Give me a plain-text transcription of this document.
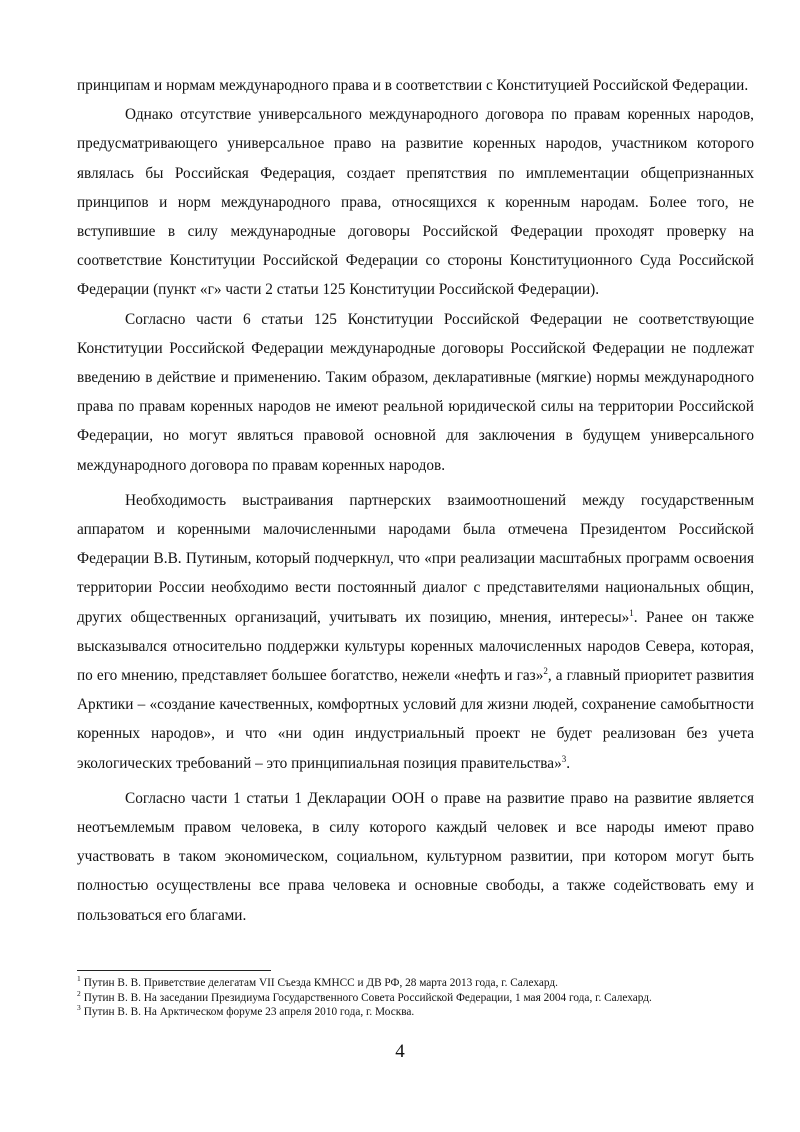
принципам и нормам международного права и в соответствии с Конституцией Российской Федерации.

Однако отсутствие универсального международного договора по правам коренных народов, предусматривающего универсальное право на развитие коренных народов, участником которого являлась бы Российская Федерация, создает препятствия по имплементации общепризнанных принципов и норм международного права, относящихся к коренным народам. Более того, не вступившие в силу международные договоры Российской Федерации проходят проверку на соответствие Конституции Российской Федерации со стороны Конституционного Суда Российской Федерации (пункт «г» части 2 статьи 125 Конституции Российской Федерации).

Согласно части 6 статьи 125 Конституции Российской Федерации не соответствующие Конституции Российской Федерации международные договоры Российской Федерации не подлежат введению в действие и применению. Таким образом, декларативные (мягкие) нормы международного права по правам коренных народов не имеют реальной юридической силы на территории Российской Федерации, но могут являться правовой основной для заключения в будущем универсального международного договора по правам коренных народов.

Необходимость выстраивания партнерских взаимоотношений между государственным аппаратом и коренными малочисленными народами была отмечена Президентом Российской Федерации В.В. Путиным, который подчеркнул, что «при реализации масштабных программ освоения территории России необходимо вести постоянный диалог с представителями национальных общин, других общественных организаций, учитывать их позицию, мнения, интересы»$^1$. Ранее он также высказывался относительно поддержки культуры коренных малочисленных народов Севера, которая, по его мнению, представляет большее богатство, нежели «нефть и газ»$^2$, а главный приоритет развития Арктики – «создание качественных, комфортных условий для жизни людей, сохранение самобытности коренных народов», и что «ни один индустриальный проект не будет реализован без учета экологических требований – это принципиальная позиция правительства»$^3$.

Согласно части 1 статьи 1 Декларации ООН о праве на развитие право на развитие является неотъемлемым правом человека, в силу которого каждый человек и все народы имеют право участвовать в таком экономическом, социальном, культурном развитии, при котором могут быть полностью осуществлены все права человека и основные свободы, а также содействовать ему и пользоваться его благами.

$^1$ Путин В. В. Приветствие делегатам VII Съезда КМНСС и ДВ РФ, 28 марта 2013 года, г. Салехард.

$^2$ Путин В. В. На заседании Президиума Государственного Совета Российской Федерации, 1 мая 2004 года, г. Салехард.

$^3$ Путин В. В. На Арктическом форуме 23 апреля 2010 года, г. Москва.

4
